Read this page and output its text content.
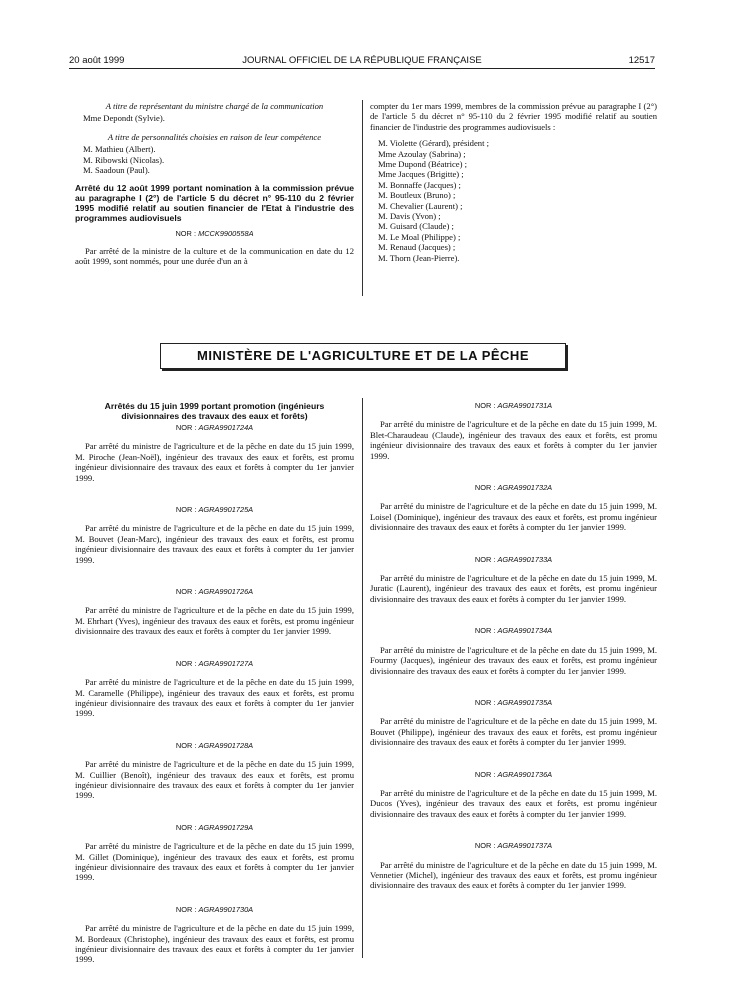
20 août 1999	JOURNAL OFFICIEL DE LA RÉPUBLIQUE FRANÇAISE	12517

A titre de représentant du ministre chargé de la communication

Mme Depondt (Sylvie).

A titre de personnalités choisies en raison de leur compétence

M. Mathieu (Albert).

M. Ribowski (Nicolas).

M. Saadoun (Paul).

Arrêté du 12 août 1999 portant nomination à la commission prévue au paragraphe I (2°) de l'article 5 du décret n° 95-110 du 2 février 1995 modifié relatif au soutien financier de l'Etat à l'industrie des programmes audiovisuels

NOR : MCCK9900558A

Par arrêté de la ministre de la culture et de la communication en date du 12 août 1999, sont nommés, pour une durée d'un an à

compter du 1er mars 1999, membres de la commission prévue au paragraphe I (2°) de l'article 5 du décret n° 95-110 du 2 février 1995 modifié relatif au soutien financier de l'industrie des programmes audiovisuels :

M. Violette (Gérard), président ;

Mme Azoulay (Sabrina) ;

Mme Dupond (Béatrice) ;

Mme Jacques (Brigitte) ;

M. Bonnaffe (Jacques) ;

M. Boutleux (Bruno) ;

M. Chevalier (Laurent) ;

M. Davis (Yvon) ;

M. Guisard (Claude) ;

M. Le Moal (Philippe) ;

M. Renaud (Jacques) ;

M. Thorn (Jean-Pierre).

MINISTÈRE DE L'AGRICULTURE ET DE LA PÊCHE

Arrêtés du 15 juin 1999 portant promotion (ingénieurs divisionnaires des travaux des eaux et forêts)

NOR : AGRA9901724A

Par arrêté du ministre de l'agriculture et de la pêche en date du 15 juin 1999, M. Piroche (Jean-Noël), ingénieur des travaux des eaux et forêts, est promu ingénieur divisionnaire des travaux des eaux et forêts à compter du 1er janvier 1999.

NOR : AGRA9901725A

Par arrêté du ministre de l'agriculture et de la pêche en date du 15 juin 1999, M. Bouvet (Jean-Marc), ingénieur des travaux des eaux et forêts, est promu ingénieur divisionnaire des travaux des eaux et forêts à compter du 1er janvier 1999.

NOR : AGRA9901726A

Par arrêté du ministre de l'agriculture et de la pêche en date du 15 juin 1999, M. Ehrhart (Yves), ingénieur des travaux des eaux et forêts, est promu ingénieur divisionnaire des travaux des eaux et forêts à compter du 1er janvier 1999.

NOR : AGRA9901727A

Par arrêté du ministre de l'agriculture et de la pêche en date du 15 juin 1999, M. Caramelle (Philippe), ingénieur des travaux des eaux et forêts, est promu ingénieur divisionnaire des travaux des eaux et forêts à compter du 1er janvier 1999.

NOR : AGRA9901728A

Par arrêté du ministre de l'agriculture et de la pêche en date du 15 juin 1999, M. Cuillier (Benoît), ingénieur des travaux des eaux et forêts, est promu ingénieur divisionnaire des travaux des eaux et forêts à compter du 1er janvier 1999.

NOR : AGRA9901729A

Par arrêté du ministre de l'agriculture et de la pêche en date du 15 juin 1999, M. Gillet (Dominique), ingénieur des travaux des eaux et forêts, est promu ingénieur divisionnaire des travaux des eaux et forêts à compter du 1er janvier 1999.

NOR : AGRA9901730A

Par arrêté du ministre de l'agriculture et de la pêche en date du 15 juin 1999, M. Bordeaux (Christophe), ingénieur des travaux des eaux et forêts, est promu ingénieur divisionnaire des travaux des eaux et forêts à compter du 1er janvier 1999.

NOR : AGRA9901731A

Par arrêté du ministre de l'agriculture et de la pêche en date du 15 juin 1999, M. Blet-Charaudeau (Claude), ingénieur des travaux des eaux et forêts, est promu ingénieur divisionnaire des travaux des eaux et forêts à compter du 1er janvier 1999.

NOR : AGRA9901732A

Par arrêté du ministre de l'agriculture et de la pêche en date du 15 juin 1999, M. Loisel (Dominique), ingénieur des travaux des eaux et forêts, est promu ingénieur divisionnaire des travaux des eaux et forêts à compter du 1er janvier 1999.

NOR : AGRA9901733A

Par arrêté du ministre de l'agriculture et de la pêche en date du 15 juin 1999, M. Juratic (Laurent), ingénieur des travaux des eaux et forêts, est promu ingénieur divisionnaire des travaux des eaux et forêts à compter du 1er janvier 1999.

NOR : AGRA9901734A

Par arrêté du ministre de l'agriculture et de la pêche en date du 15 juin 1999, M. Fourmy (Jacques), ingénieur des travaux des eaux et forêts, est promu ingénieur divisionnaire des travaux des eaux et forêts à compter du 1er janvier 1999.

NOR : AGRA9901735A

Par arrêté du ministre de l'agriculture et de la pêche en date du 15 juin 1999, M. Bouvet (Philippe), ingénieur des travaux des eaux et forêts, est promu ingénieur divisionnaire des travaux des eaux et forêts à compter du 1er janvier 1999.

NOR : AGRA9901736A

Par arrêté du ministre de l'agriculture et de la pêche en date du 15 juin 1999, M. Ducos (Yves), ingénieur des travaux des eaux et forêts, est promu ingénieur divisionnaire des travaux des eaux et forêts à compter du 1er janvier 1999.

NOR : AGRA9901737A

Par arrêté du ministre de l'agriculture et de la pêche en date du 15 juin 1999, M. Vennetier (Michel), ingénieur des travaux des eaux et forêts, est promu ingénieur divisionnaire des travaux des eaux et forêts à compter du 1er janvier 1999.
